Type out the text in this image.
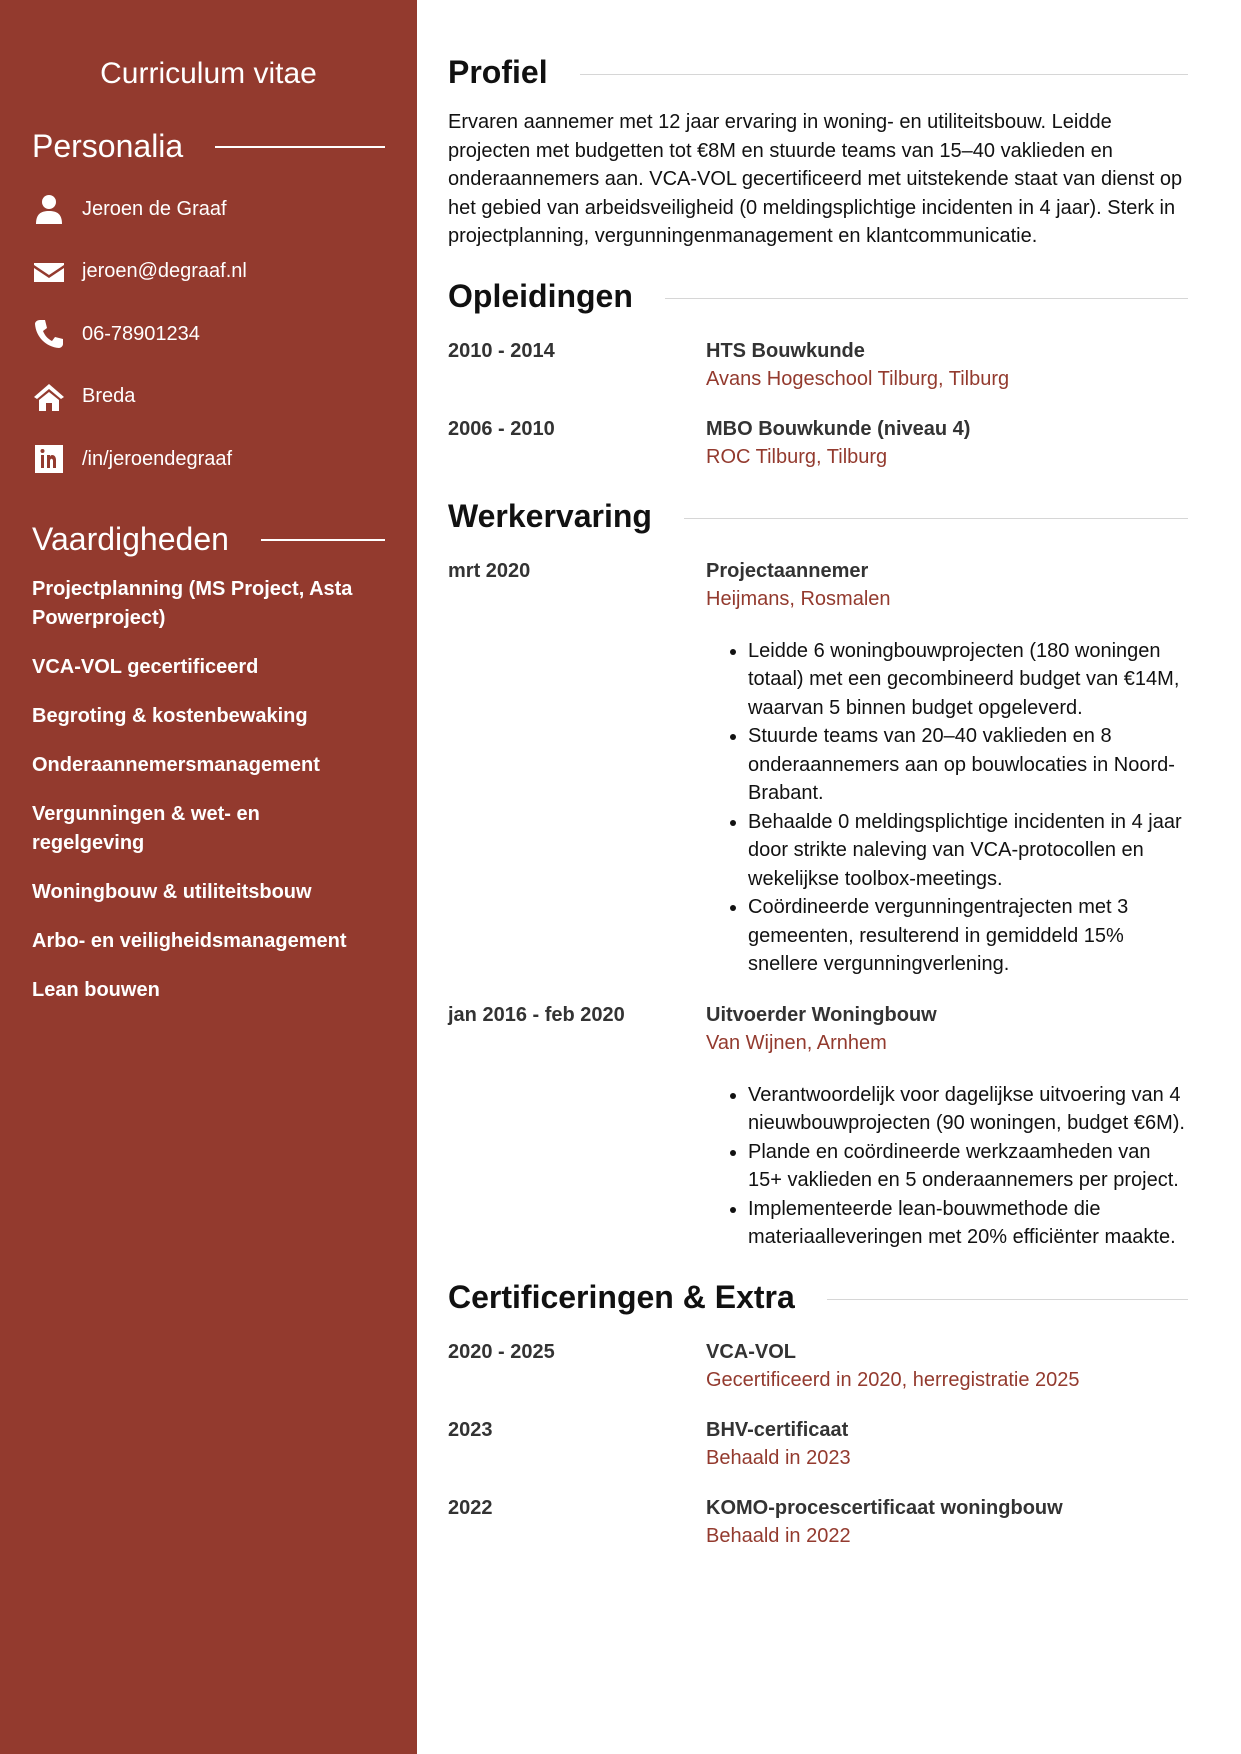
Curriculum vitae
Personalia
Jeroen de Graaf
jeroen@degraaf.nl
06-78901234
Breda
/in/jeroendegraaf
Vaardigheden
Projectplanning (MS Project, Asta Powerproject)
VCA-VOL gecertificeerd
Begroting & kostenbewaking
Onderaannemersmanagement
Vergunningen & wet- en regelgeving
Woningbouw & utiliteitsbouw
Arbo- en veiligheidsmanagement
Lean bouwen
Profiel
Ervaren aannemer met 12 jaar ervaring in woning- en utiliteitsbouw. Leidde projecten met budgetten tot €8M en stuurde teams van 15–40 vaklieden en onderaannemers aan. VCA-VOL gecertificeerd met uitstekende staat van dienst op het gebied van arbeidsveiligheid (0 meldingsplichtige incidenten in 4 jaar). Sterk in projectplanning, vergunningenmanagement en klantcommunicatie.
Opleidingen
2010 - 2014	HTS Bouwkunde
Avans Hogeschool Tilburg, Tilburg
2006 - 2010	MBO Bouwkunde (niveau 4)
ROC Tilburg, Tilburg
Werkervaring
mrt 2020	Projectaannemer
Heijmans, Rosmalen
• Leidde 6 woningbouwprojecten (180 woningen totaal) met een gecombineerd budget van €14M, waarvan 5 binnen budget opgeleverd.
• Stuurde teams van 20–40 vaklieden en 8 onderaannemers aan op bouwlocaties in Noord-Brabant.
• Behaalde 0 meldingsplichtige incidenten in 4 jaar door strikte naleving van VCA-protocollen en wekelijkse toolbox-meetings.
• Coördineerde vergunningentrajecten met 3 gemeenten, resulterend in gemiddeld 15% snellere vergunningverlening.
jan 2016 - feb 2020	Uitvoerder Woningbouw
Van Wijnen, Arnhem
• Verantwoordelijk voor dagelijkse uitvoering van 4 nieuwbouwprojecten (90 woningen, budget €6M).
• Plande en coördineerde werkzaamheden van 15+ vaklieden en 5 onderaannemers per project.
• Implementeerde lean-bouwmethode die materiaalleveringen met 20% efficiënter maakte.
Certificeringen & Extra
2020 - 2025	VCA-VOL
Gecertificeerd in 2020, herregistratie 2025
2023	BHV-certificaat
Behaald in 2023
2022	KOMO-procescertificaat woningbouw
Behaald in 2022
